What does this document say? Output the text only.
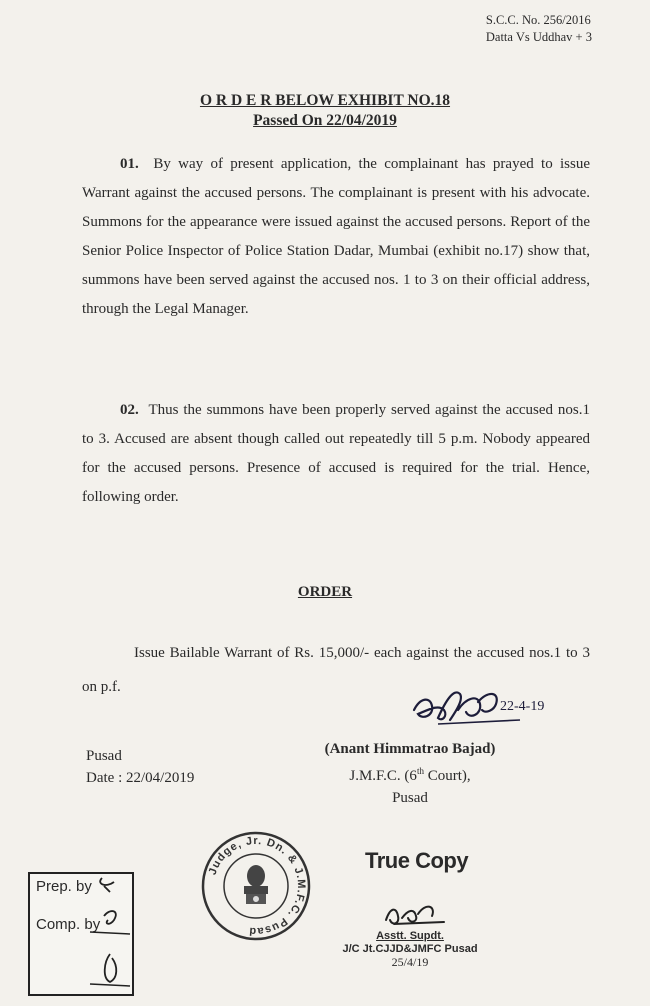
S.C.C. No. 256/2016
Datta Vs Uddhav + 3
O R D E R BELOW EXHIBIT NO.18
Passed On 22/04/2019

01. By way of present application, the complainant has prayed to issue Warrant against the accused persons. The complainant is present with his advocate. Summons for the appearance were issued against the accused persons. Report of the Senior Police Inspector of Police Station Dadar, Mumbai (exhibit no.17) show that, summons have been served against the accused nos. 1 to 3 on their official address, through the Legal Manager.

02. Thus the summons have been properly served against the accused nos.1 to 3. Accused are absent though called out repeatedly till 5 p.m. Nobody appeared for the accused persons. Presence of accused is required for the trial. Hence, following order.

ORDER

Issue Bailable Warrant of Rs. 15,000/- each against the accused nos.1 to 3 on p.f.

22-4-19
Pusad
Date : 22/04/2019
(Anant Himmatrao Bajad)
J.M.F.C. (6th Court),
Pusad
Judge, Jr. Dn. & J.M.F.C. Pusad
Prep. by
Comp. by
True Copy
Asstt. Supdt.
J/C Jt.CJJD&JMFC Pusad
25/4/19
